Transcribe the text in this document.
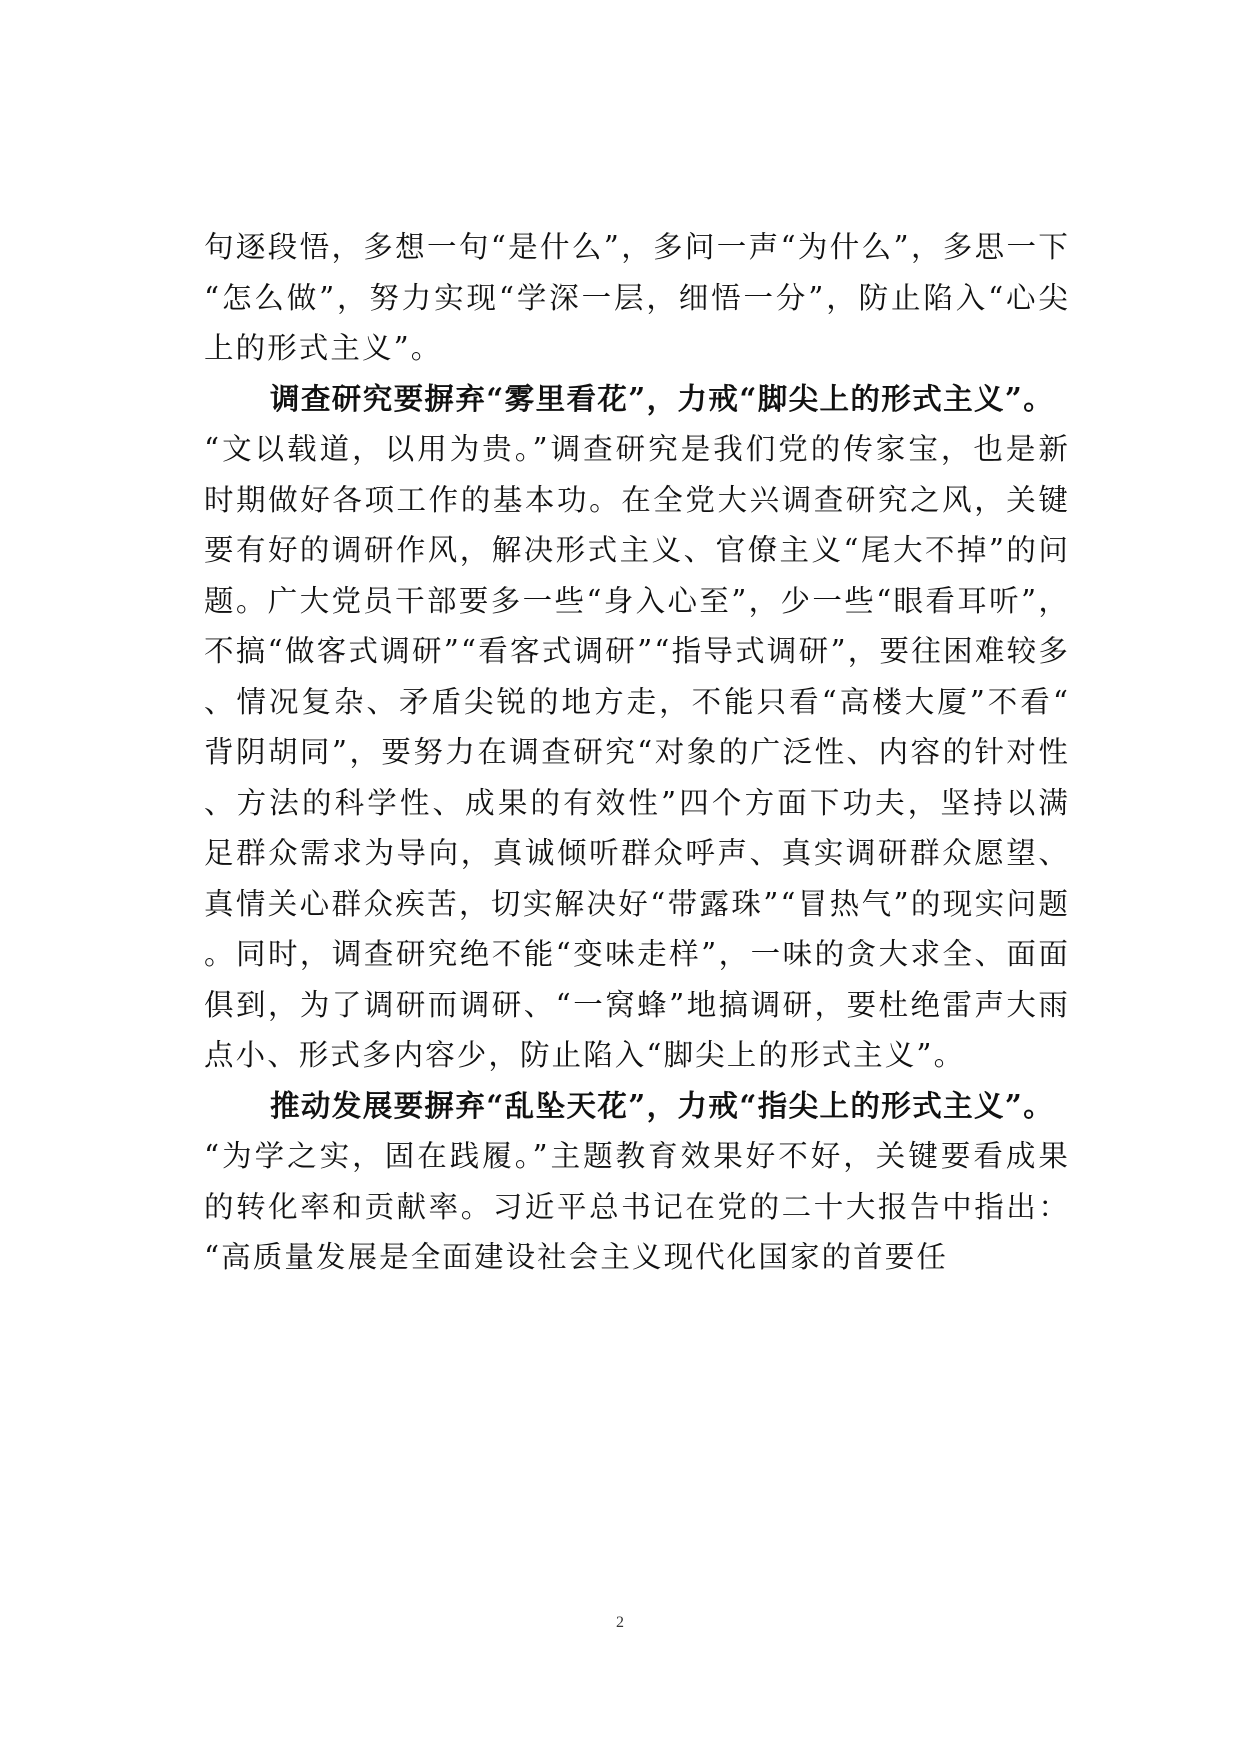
句逐段悟，多想一句“是什么”，多问一声“为什么”，多思一下“怎么做”，努力实现“学深一层，细悟一分”，防止陷入“心尖上的形式主义”。

调查研究要摒弃“雾里看花”，力戒“脚尖上的形式主义”。

“文以载道，以用为贵。”调查研究是我们党的传家宝，也是新时期做好各项工作的基本功。在全党大兴调查研究之风，关键要有好的调研作风，解决形式主义、官僚主义“尾大不掉”的问题。广大党员干部要多一些“身入心至”，少一些“眼看耳听”，不搞“做客式调研”“看客式调研”“指导式调研”，要往困难较多、情况复杂、矛盾尖锐的地方走，不能只看“高楼大厦”不看“背阴胡同”，要努力在调查研究“对象的广泛性、内容的针对性、方法的科学性、成果的有效性”四个方面下功夫，坚持以满足群众需求为导向，真诚倾听群众呼声、真实调研群众愿望、真情关心群众疾苦，切实解决好“带露珠”“冒热气”的现实问题。同时，调查研究绝不能“变味走样”，一味的贪大求全、面面俱到，为了调研而调研、“一窝蜂”地搞调研，要杜绝雷声大雨点小、形式多内容少，防止陷入“脚尖上的形式主义”。

推动发展要摒弃“乱坠天花”，力戒“指尖上的形式主义”。

“为学之实，固在践履。”主题教育效果好不好，关键要看成果的转化率和贡献率。习近平总书记在党的二十大报告中指出：“高质量发展是全面建设社会主义现代化国家的首要任

2
